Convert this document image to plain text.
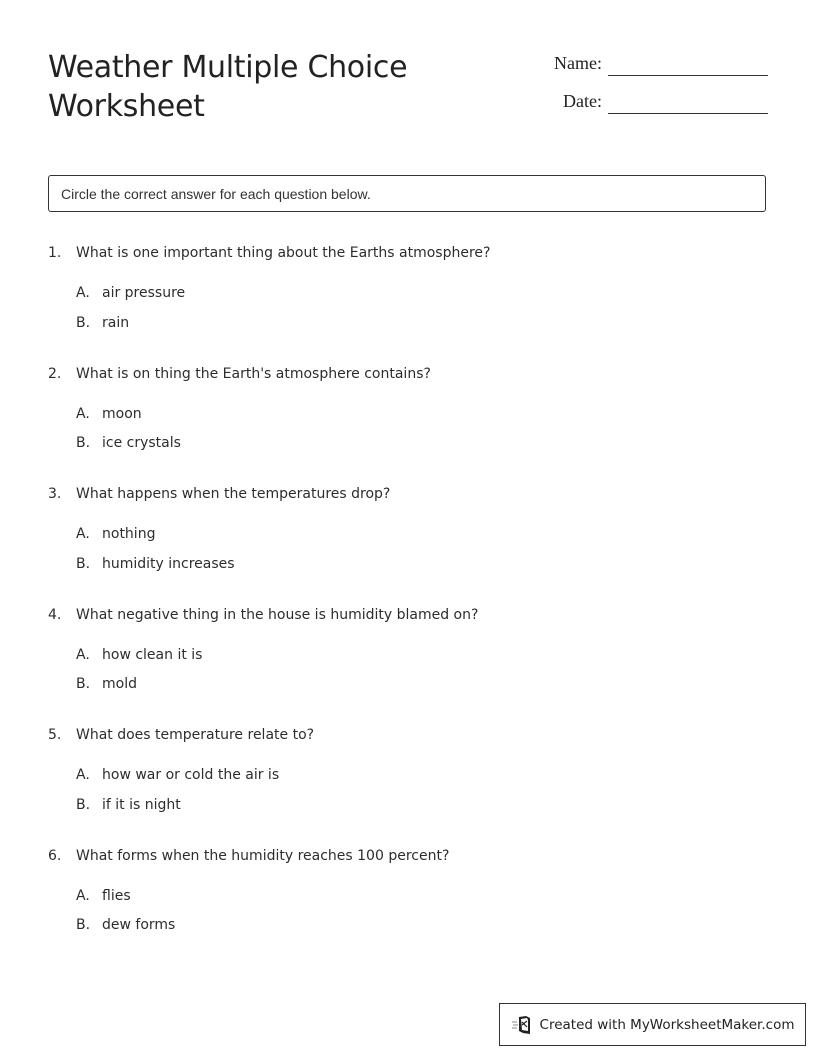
Weather Multiple Choice Worksheet
Name:
Date:
Circle the correct answer for each question below.
1.	What is one important thing about the Earths atmosphere?
A. air pressure
B. rain
2.	What is on thing the Earth's atmosphere contains?
A. moon
B. ice crystals
3.	What happens when the temperatures drop?
A. nothing
B. humidity increases
4.	What negative thing in the house is humidity blamed on?
A. how clean it is
B. mold
5.	What does temperature relate to?
A. how war or cold the air is
B. if it is night
6.	What forms when the humidity reaches 100 percent?
A. flies
B. dew forms
Created with MyWorksheetMaker.com
